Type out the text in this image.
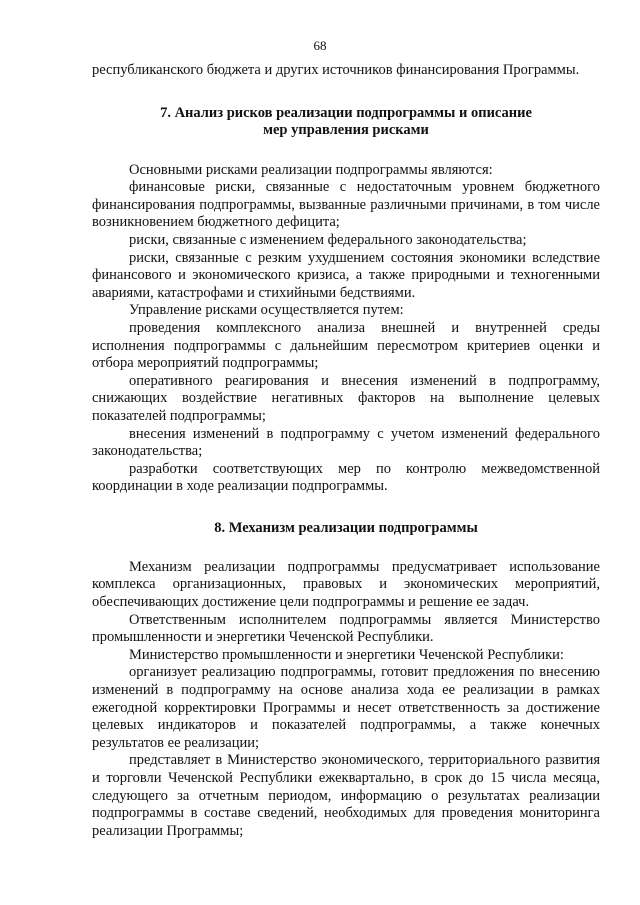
68

республиканского бюджета и других источников финансирования Программы.

7. Анализ рисков реализации подпрограммы и описание
мер управления рисками

Основными рисками реализации подпрограммы являются:

финансовые риски, связанные с недостаточным уровнем бюджетного финансирования подпрограммы, вызванные различными причинами, в том числе возникновением бюджетного дефицита;

риски, связанные с изменением федерального законодательства;

риски, связанные с резким ухудшением состояния экономики вследствие финансового и экономического кризиса, а также природными и техногенными авариями, катастрофами и стихийными бедствиями.

Управление рисками осуществляется путем:

проведения комплексного анализа внешней и внутренней среды исполнения подпрограммы с дальнейшим пересмотром критериев оценки и отбора мероприятий подпрограммы;

оперативного реагирования и внесения изменений в подпрограмму, снижающих воздействие негативных факторов на выполнение целевых показателей подпрограммы;

внесения изменений в подпрограмму с учетом изменений федерального законодательства;

разработки соответствующих мер по контролю межведомственной координации в ходе реализации подпрограммы.

8. Механизм реализации подпрограммы

Механизм реализации подпрограммы предусматривает использование комплекса организационных, правовых и экономических мероприятий, обеспечивающих достижение цели подпрограммы и решение ее задач.

Ответственным исполнителем подпрограммы является Министерство промышленности и энергетики Чеченской Республики.

Министерство промышленности и энергетики Чеченской Республики:

организует реализацию подпрограммы, готовит предложения по внесению изменений в подпрограмму на основе анализа хода ее реализации в рамках ежегодной корректировки Программы и несет ответственность за достижение целевых индикаторов и показателей подпрограммы, а также конечных результатов ее реализации;

представляет в Министерство экономического, территориального развития и торговли Чеченской Республики ежеквартально, в срок до 15 числа месяца, следующего за отчетным периодом, информацию о результатах реализации подпрограммы в составе сведений, необходимых для проведения мониторинга реализации Программы;
